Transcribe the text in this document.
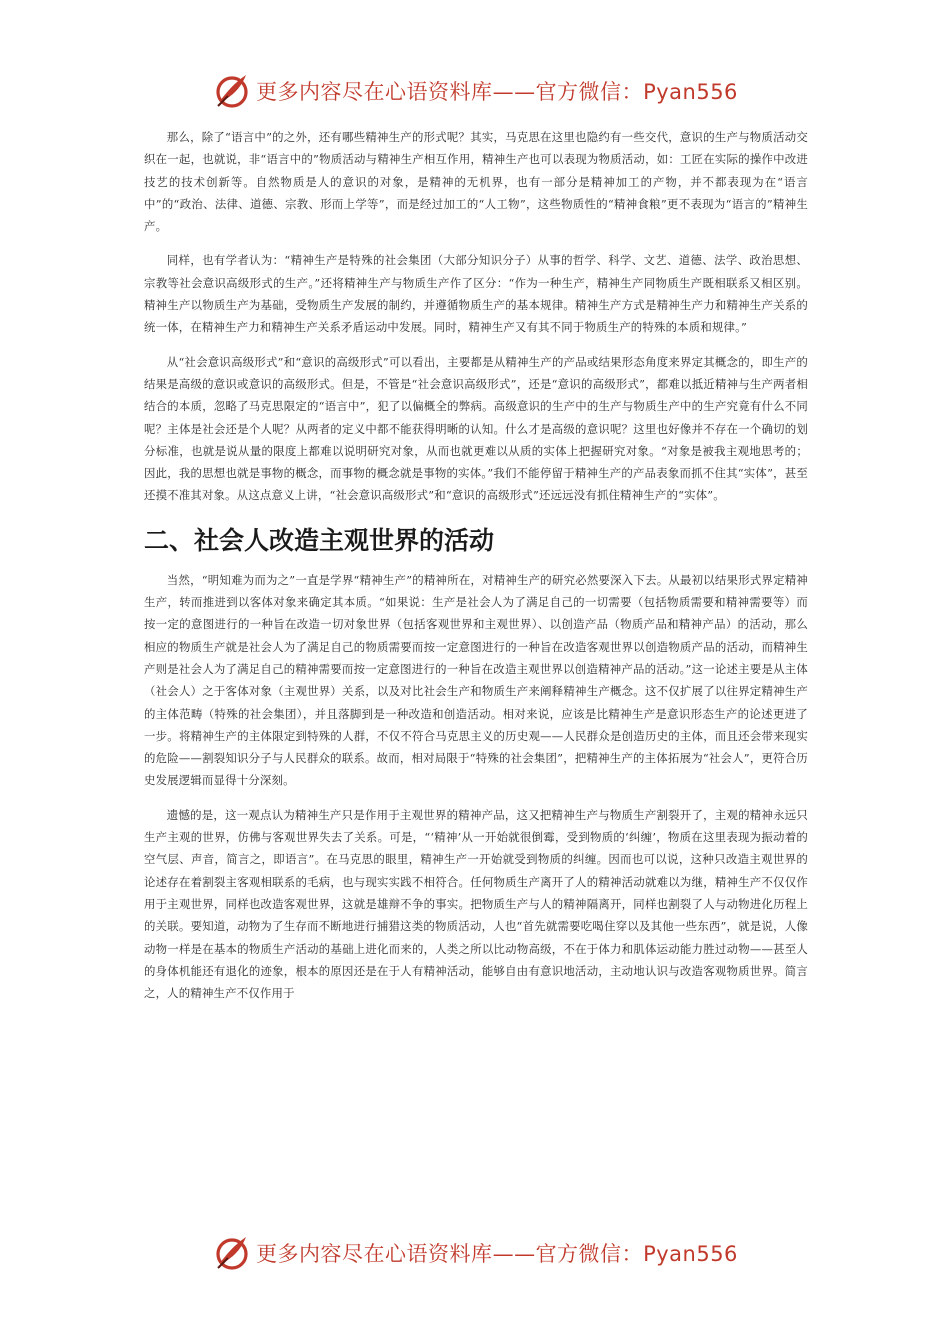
更多内容尽在心语资料库——官方微信：Pyan556

那么，除了“语言中”的之外，还有哪些精神生产的形式呢？其实，马克思在这里也隐约有一些交代，意识的生产与物质活动交织在一起，也就说，非“语言中的”物质活动与精神生产相互作用，精神生产也可以表现为物质活动，如：工匠在实际的操作中改进技艺的技术创新等。自然物质是人的意识的对象，是精神的无机界，也有一部分是精神加工的产物，并不都表现为在“语言中”的“政治、法律、道德、宗教、形而上学等”，而是经过加工的“人工物”，这些物质性的“精神食粮”更不表现为“语言的”精神生产。

同样，也有学者认为：“精神生产是特殊的社会集团（大部分知识分子）从事的哲学、科学、文艺、道德、法学、政治思想、宗教等社会意识高级形式的生产。”还将精神生产与物质生产作了区分：“作为一种生产，精神生产同物质生产既相联系又相区别。精神生产以物质生产为基础，受物质生产发展的制约，并遵循物质生产的基本规律。精神生产方式是精神生产力和精神生产关系的统一体，在精神生产力和精神生产关系矛盾运动中发展。同时，精神生产又有其不同于物质生产的特殊的本质和规律。”

从“社会意识高级形式”和“意识的高级形式”可以看出，主要都是从精神生产的产品或结果形态角度来界定其概念的，即生产的结果是高级的意识或意识的高级形式。但是，不管是“社会意识高级形式”，还是“意识的高级形式”，都难以抵近精神与生产两者相结合的本质，忽略了马克思限定的“语言中”，犯了以偏概全的弊病。高级意识的生产中的生产与物质生产中的生产究竟有什么不同呢？主体是社会还是个人呢？从两者的定义中都不能获得明晰的认知。什么才是高级的意识呢？这里也好像并不存在一个确切的划分标准，也就是说从量的限度上都难以说明研究对象，从而也就更难以从质的实体上把握研究对象。“对象是被我主观地思考的；因此，我的思想也就是事物的概念，而事物的概念就是事物的实体。”我们不能停留于精神生产的产品表象而抓不住其“实体”，甚至还摸不准其对象。从这点意义上讲，“社会意识高级形式”和“意识的高级形式”还远远没有抓住精神生产的“实体”。

二、社会人改造主观世界的活动

当然，“明知难为而为之”一直是学界“精神生产”的精神所在，对精神生产的研究必然要深入下去。从最初以结果形式界定精神生产，转而推进到以客体对象来确定其本质。“如果说：生产是社会人为了满足自己的一切需要（包括物质需要和精神需要等）而按一定的意图进行的一种旨在改造一切对象世界（包括客观世界和主观世界）、以创造产品（物质产品和精神产品）的活动，那么相应的物质生产就是社会人为了满足自己的物质需要而按一定意图进行的一种旨在改造客观世界以创造物质产品的活动，而精神生产则是社会人为了满足自己的精神需要而按一定意图进行的一种旨在改造主观世界以创造精神产品的活动。”这一论述主要是从主体（社会人）之于客体对象（主观世界）关系，以及对比社会生产和物质生产来阐释精神生产概念。这不仅扩展了以往界定精神生产的主体范畴（特殊的社会集团），并且落脚到是一种改造和创造活动。相对来说，应该是比精神生产是意识形态生产的论述更进了一步。将精神生产的主体限定到特殊的人群，不仅不符合马克思主义的历史观——人民群众是创造历史的主体，而且还会带来现实的危险——割裂知识分子与人民群众的联系。故而，相对局限于“特殊的社会集团”，把精神生产的主体拓展为“社会人”，更符合历史发展逻辑而显得十分深刻。

遗憾的是，这一观点认为精神生产只是作用于主观世界的精神产品，这又把精神生产与物质生产割裂开了，主观的精神永远只生产主观的世界，仿佛与客观世界失去了关系。可是，“‘精神’从一开始就很倒霉，受到物质的‘纠缠’，物质在这里表现为振动着的空气层、声音，简言之，即语言”。在马克思的眼里，精神生产一开始就受到物质的纠缠。因而也可以说，这种只改造主观世界的论述存在着割裂主客观相联系的毛病，也与现实实践不相符合。任何物质生产离开了人的精神活动就难以为继，精神生产不仅仅作用于主观世界，同样也改造客观世界，这就是雄辩不争的事实。把物质生产与人的精神隔离开，同样也割裂了人与动物进化历程上的关联。要知道，动物为了生存而不断地进行捕猎这类的物质活动，人也“首先就需要吃喝住穿以及其他一些东西”，就是说，人像动物一样是在基本的物质生产活动的基础上进化而来的，人类之所以比动物高级，不在于体力和肌体运动能力胜过动物——甚至人的身体机能还有退化的迹象，根本的原因还是在于人有精神活动，能够自由有意识地活动，主动地认识与改造客观物质世界。简言之，人的精神生产不仅作用于

更多内容尽在心语资料库——官方微信：Pyan556
